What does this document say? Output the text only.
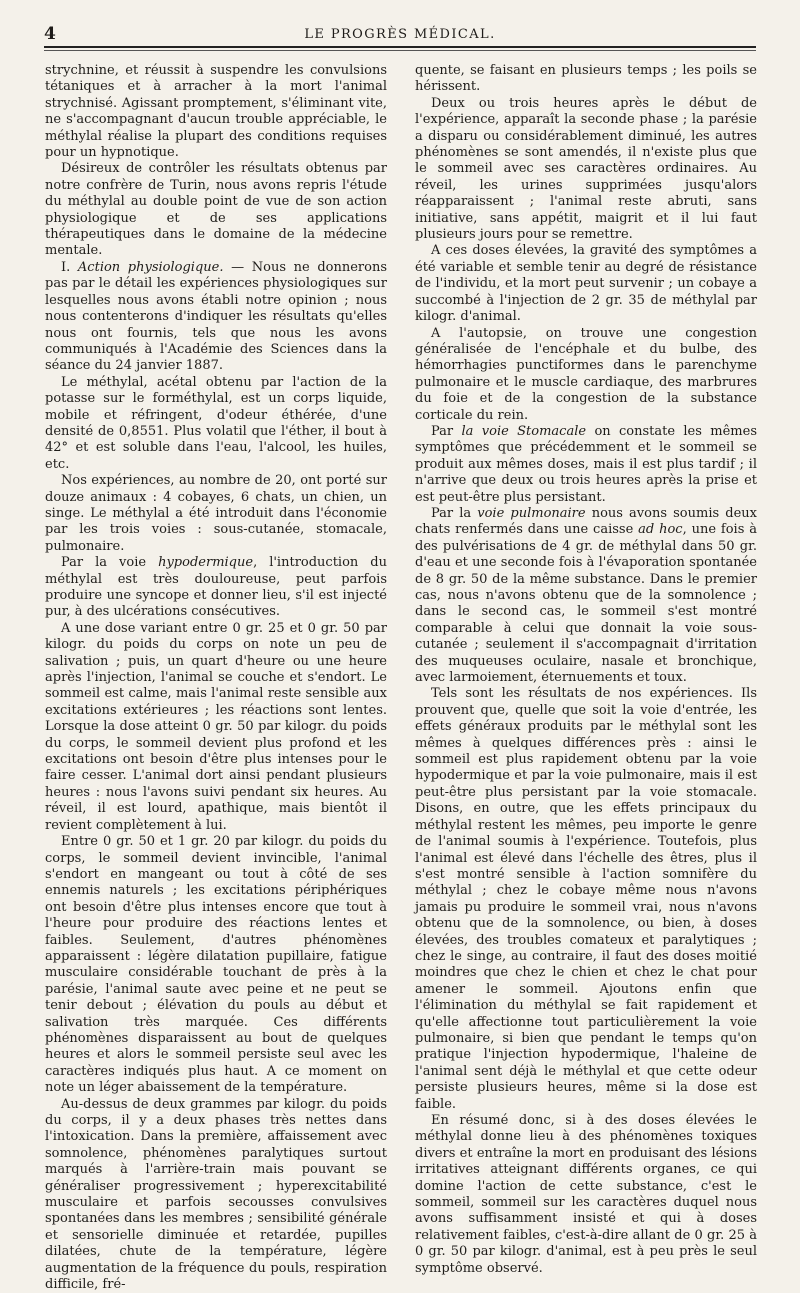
4	LE PROGRÈS MÉDICAL.

strychnine, et réussit à suspendre les convulsions tétaniques et à arracher à la mort l'animal strychnisé. Agissant promptement, s'éliminant vite, ne s'accompagnant d'aucun trouble appréciable, le méthylal réalise la plupart des conditions requises pour un hypnotique.

Désireux de contrôler les résultats obtenus par notre confrère de Turin, nous avons repris l'étude du méthylal au double point de vue de son action physiologique et de ses applications thérapeutiques dans le domaine de la médecine mentale.

I. Action physiologique. — Nous ne donnerons pas par le détail les expériences physiologiques sur lesquelles nous avons établi notre opinion ; nous nous contenterons d'indiquer les résultats qu'elles nous ont fournis, tels que nous les avons communiqués à l'Académie des Sciences dans la séance du 24 janvier 1887.

Le méthylal, acétal obtenu par l'action de la potasse sur le forméthylal, est un corps liquide, mobile et réfringent, d'odeur éthérée, d'une densité de 0,8551. Plus volatil que l'éther, il bout à 42° et est soluble dans l'eau, l'alcool, les huiles, etc.

Nos expériences, au nombre de 20, ont porté sur douze animaux : 4 cobayes, 6 chats, un chien, un singe. Le méthylal a été introduit dans l'économie par les trois voies : sous-cutanée, stomacale, pulmonaire.

Par la voie hypodermique, l'introduction du méthylal est très douloureuse, peut parfois produire une syncope et donner lieu, s'il est injecté pur, à des ulcérations consécutives.

A une dose variant entre 0 gr. 25 et 0 gr. 50 par kilogr. du poids du corps on note un peu de salivation ; puis, un quart d'heure ou une heure après l'injection, l'animal se couche et s'endort. Le sommeil est calme, mais l'animal reste sensible aux excitations extérieures ; les réactions sont lentes. Lorsque la dose atteint 0 gr. 50 par kilogr. du poids du corps, le sommeil devient plus profond et les excitations ont besoin d'être plus intenses pour le faire cesser. L'animal dort ainsi pendant plusieurs heures : nous l'avons suivi pendant six heures. Au réveil, il est lourd, apathique, mais bientôt il revient complètement à lui.

Entre 0 gr. 50 et 1 gr. 20 par kilogr. du poids du corps, le sommeil devient invincible, l'animal s'endort en mangeant ou tout à côté de ses ennemis naturels ; les excitations périphériques ont besoin d'être plus intenses encore que tout à l'heure pour produire des réactions lentes et faibles. Seulement, d'autres phénomènes apparaissent : légère dilatation pupillaire, fatigue musculaire considérable touchant de près à la parésie, l'animal saute avec peine et ne peut se tenir debout ; élévation du pouls au début et salivation très marquée. Ces différents phénomènes disparaissent au bout de quelques heures et alors le sommeil persiste seul avec les caractères indiqués plus haut. A ce moment on note un léger abaissement de la température.

Au-dessus de deux grammes par kilogr. du poids du corps, il y a deux phases très nettes dans l'intoxication. Dans la première, affaissement avec somnolence, phénomènes paralytiques surtout marqués à l'arrière-train mais pouvant se généraliser progressivement ; hyperexcitabilité musculaire et parfois secousses convulsives spontanées dans les membres ; sensibilité générale et sensorielle diminuée et retardée, pupilles dilatées, chute de la température, légère augmentation de la fréquence du pouls, respiration difficile, fré-

quente, se faisant en plusieurs temps ; les poils se hérissent.

Deux ou trois heures après le début de l'expérience, apparaît la seconde phase ; la parésie a disparu ou considérablement diminué, les autres phénomènes se sont amendés, il n'existe plus que le sommeil avec ses caractères ordinaires. Au réveil, les urines supprimées jusqu'alors réapparaissent ; l'animal reste abruti, sans initiative, sans appétit, maigrit et il lui faut plusieurs jours pour se remettre.

A ces doses élevées, la gravité des symptômes a été variable et semble tenir au degré de résistance de l'individu, et la mort peut survenir ; un cobaye a succombé à l'injection de 2 gr. 35 de méthylal par kilogr. d'animal.

A l'autopsie, on trouve une congestion généralisée de l'encéphale et du bulbe, des hémorrhagies punctiformes dans le parenchyme pulmonaire et le muscle cardiaque, des marbrures du foie et de la congestion de la substance corticale du rein.

Par la voie Stomacale on constate les mêmes symptômes que précédemment et le sommeil se produit aux mêmes doses, mais il est plus tardif ; il n'arrive que deux ou trois heures après la prise et est peut-être plus persistant.

Par la voie pulmonaire nous avons soumis deux chats renfermés dans une caisse ad hoc, une fois à des pulvérisations de 4 gr. de méthylal dans 50 gr. d'eau et une seconde fois à l'évaporation spontanée de 8 gr. 50 de la même substance. Dans le premier cas, nous n'avons obtenu que de la somnolence ; dans le second cas, le sommeil s'est montré comparable à celui que donnait la voie sous-cutanée ; seulement il s'accompagnait d'irritation des muqueuses oculaire, nasale et bronchique, avec larmoiement, éternuements et toux.

Tels sont les résultats de nos expériences. Ils prouvent que, quelle que soit la voie d'entrée, les effets généraux produits par le méthylal sont les mêmes à quelques différences près : ainsi le sommeil est plus rapidement obtenu par la voie hypodermique et par la voie pulmonaire, mais il est peut-être plus persistant par la voie stomacale. Disons, en outre, que les effets principaux du méthylal restent les mêmes, peu importe le genre de l'animal soumis à l'expérience. Toutefois, plus l'animal est élevé dans l'échelle des êtres, plus il s'est montré sensible à l'action somnifère du méthylal ; chez le cobaye même nous n'avons jamais pu produire le sommeil vrai, nous n'avons obtenu que de la somnolence, ou bien, à doses élevées, des troubles comateux et paralytiques ; chez le singe, au contraire, il faut des doses moitié moindres que chez le chien et chez le chat pour amener le sommeil. Ajoutons enfin que l'élimination du méthylal se fait rapidement et qu'elle affectionne tout particulièrement la voie pulmonaire, si bien que pendant le temps qu'on pratique l'injection hypodermique, l'haleine de l'animal sent déjà le méthylal et que cette odeur persiste plusieurs heures, même si la dose est faible.

En résumé donc, si à des doses élevées le méthylal donne lieu à des phénomènes toxiques divers et entraîne la mort en produisant des lésions irritatives atteignant différents organes, ce qui domine l'action de cette substance, c'est le sommeil, sommeil sur les caractères duquel nous avons suffisamment insisté et qui à doses relativement faibles, c'est-à-dire allant de 0 gr. 25 à 0 gr. 50 par kilogr. d'animal, est à peu près le seul symptôme observé.
